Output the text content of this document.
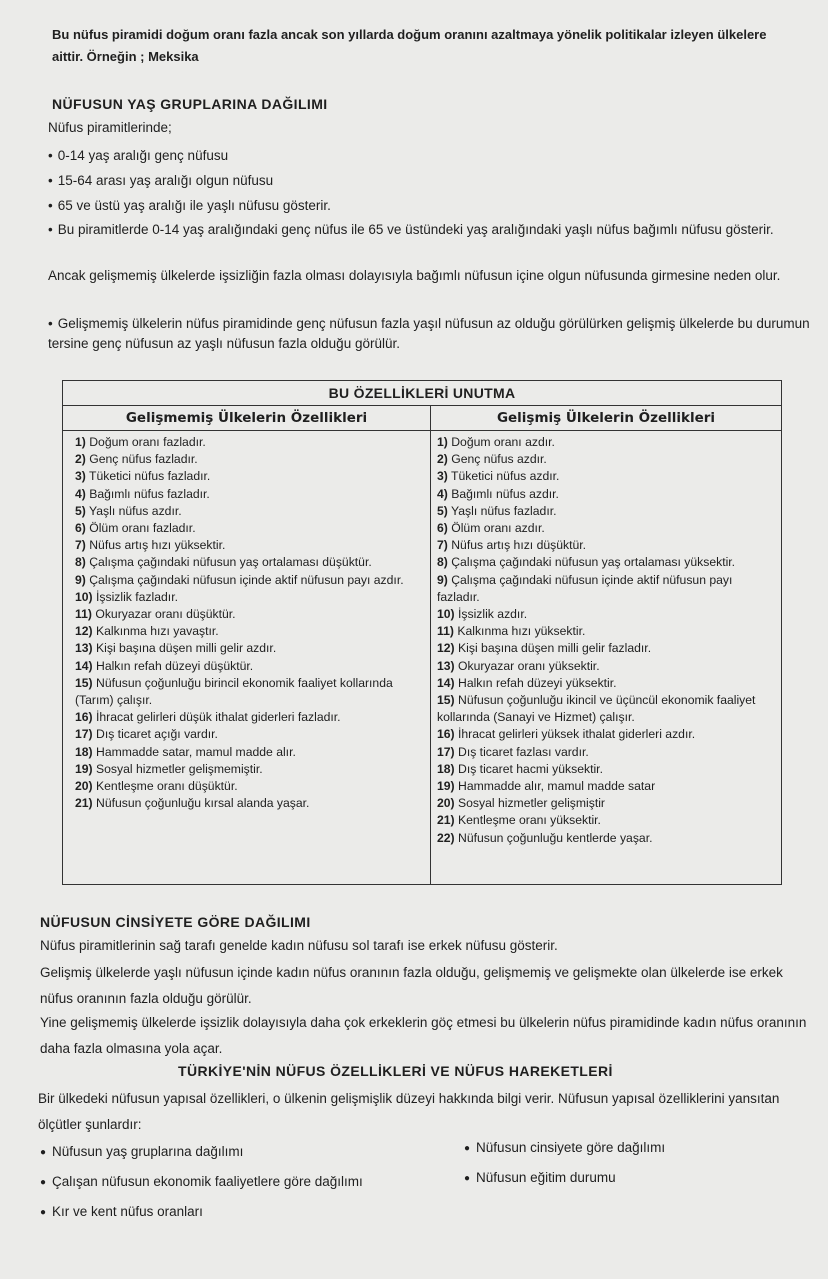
Bu nüfus piramidi doğum oranı fazla ancak son yıllarda doğum oranını azaltmaya yönelik politikalar izleyen ülkelere
aittir. Örneğin ; Meksika
NÜFUSUN YAŞ GRUPLARINA DAĞILIMI
Nüfus piramitlerinde;
• 0-14 yaş aralığı genç nüfusu
• 15-64 arası yaş aralığı olgun nüfusu
• 65 ve üstü yaş aralığı ile yaşlı nüfusu gösterir.
• Bu piramitlerde 0-14 yaş aralığındaki genç nüfus ile 65 ve üstündeki yaş aralığındaki yaşlı nüfus bağımlı nüfusu gösterir.
Ancak gelişmemiş ülkelerde işsizliğin fazla olması dolayısıyla bağımlı nüfusun içine olgun nüfusunda girmesine neden olur.
• Gelişmemiş ülkelerin nüfus piramidinde genç nüfusun fazla yaşıl nüfusun az olduğu görülürken gelişmiş ülkelerde bu durumun tersine genç nüfusun az yaşlı nüfusun fazla olduğu görülür.
BU ÖZELLİKLERİ UNUTMA
Gelişmemiş Ülkelerin Özellikleri
1) Doğum oranı fazladır.
2) Genç nüfus fazladır.
3) Tüketici nüfus fazladır.
4) Bağımlı nüfus fazladır.
5) Yaşlı nüfus azdır.
6) Ölüm oranı fazladır.
7) Nüfus artış hızı yüksektir.
8) Çalışma çağındaki nüfusun yaş ortalaması düşüktür.
9) Çalışma çağındaki nüfusun içinde aktif nüfusun payı azdır.
10) İşsizlik fazladır.
11) Okuryazar oranı düşüktür.
12) Kalkınma hızı yavaştır.
13) Kişi başına düşen milli gelir azdır.
14) Halkın refah düzeyi düşüktür.
15) Nüfusun çoğunluğu birincil ekonomik faaliyet kollarında (Tarım) çalışır.
16) İhracat gelirleri düşük ithalat giderleri fazladır.
17) Dış ticaret açığı vardır.
18) Hammadde satar, mamul madde alır.
19) Sosyal hizmetler gelişmemiştir.
20) Kentleşme oranı düşüktür.
21) Nüfusun çoğunluğu kırsal alanda yaşar.
Gelişmiş Ülkelerin Özellikleri
1) Doğum oranı azdır.
2) Genç nüfus azdır.
3) Tüketici nüfus azdır.
4) Bağımlı nüfus azdır.
5) Yaşlı nüfus fazladır.
6) Ölüm oranı azdır.
7) Nüfus artış hızı düşüktür.
8) Çalışma çağındaki nüfusun yaş ortalaması yüksektir.
9) Çalışma çağındaki nüfusun içinde aktif nüfusun payı fazladır.
10) İşsizlik azdır.
11) Kalkınma hızı yüksektir.
12) Kişi başına düşen milli gelir fazladır.
13) Okuryazar oranı yüksektir.
14) Halkın refah düzeyi yüksektir.
15) Nüfusun çoğunluğu ikincil ve üçüncül ekonomik faaliyet kollarında (Sanayi ve Hizmet) çalışır.
16) İhracat gelirleri yüksek ithalat giderleri azdır.
17) Dış ticaret fazlası vardır.
18) Dış ticaret hacmi yüksektir.
19) Hammadde alır, mamul madde satar
20) Sosyal hizmetler gelişmiştir
21) Kentleşme oranı yüksektir.
22) Nüfusun çoğunluğu kentlerde yaşar.
NÜFUSUN CİNSİYETE GÖRE DAĞILIMI
Nüfus piramitlerinin sağ tarafı genelde kadın nüfusu sol tarafı ise erkek nüfusu gösterir.
Gelişmiş ülkelerde yaşlı nüfusun içinde kadın nüfus oranının fazla olduğu, gelişmemiş ve gelişmekte olan ülkelerde ise erkek nüfus oranının fazla olduğu görülür.
Yine gelişmemiş ülkelerde işsizlik dolayısıyla daha çok erkeklerin göç etmesi bu ülkelerin nüfus piramidinde kadın nüfus oranının daha fazla olmasına yola açar.
TÜRKİYE'NİN NÜFUS ÖZELLİKLERİ VE NÜFUS HAREKETLERİ
Bir ülkedeki nüfusun yapısal özellikleri, o ülkenin gelişmişlik düzeyi hakkında bilgi verir. Nüfusun yapısal özelliklerini yansıtan ölçütler şunlardır:
● Nüfusun yaş gruplarına dağılımı
● Çalışan nüfusun ekonomik faaliyetlere göre dağılımı
● Kır ve kent nüfus oranları
● Nüfusun cinsiyete göre dağılımı
● Nüfusun eğitim durumu
